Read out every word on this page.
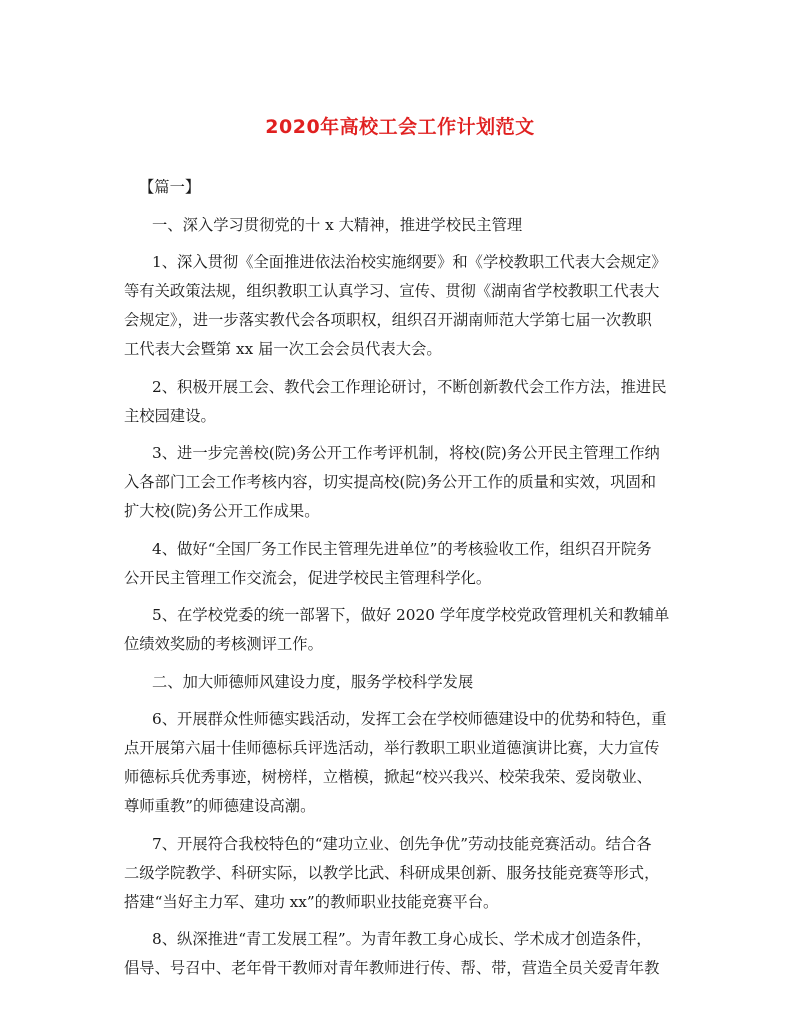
2020年高校工会工作计划范文
【篇一】
一、深入学习贯彻党的十 x 大精神，推进学校民主管理
1、深入贯彻《全面推进依法治校实施纲要》和《学校教职工代表大会规定》
等有关政策法规，组织教职工认真学习、宣传、贯彻《湖南省学校教职工代表大
会规定》，进一步落实教代会各项职权，组织召开湖南师范大学第七届一次教职
工代表大会暨第 xx 届一次工会会员代表大会。
2、积极开展工会、教代会工作理论研讨，不断创新教代会工作方法，推进民
主校园建设。
3、进一步完善校(院)务公开工作考评机制，将校(院)务公开民主管理工作纳
入各部门工会工作考核内容，切实提高校(院)务公开工作的质量和实效，巩固和
扩大校(院)务公开工作成果。
4、做好“全国厂务工作民主管理先进单位”的考核验收工作，组织召开院务
公开民主管理工作交流会，促进学校民主管理科学化。
5、在学校党委的统一部署下，做好 2020 学年度学校党政管理机关和教辅单
位绩效奖励的考核测评工作。
二、加大师德师风建设力度，服务学校科学发展
6、开展群众性师德实践活动，发挥工会在学校师德建设中的优势和特色，重
点开展第六届十佳师德标兵评选活动，举行教职工职业道德演讲比赛，大力宣传
师德标兵优秀事迹，树榜样，立楷模，掀起“校兴我兴、校荣我荣、爱岗敬业、
尊师重教”的师德建设高潮。
7、开展符合我校特色的“建功立业、创先争优”劳动技能竞赛活动。结合各
二级学院教学、科研实际，以教学比武、科研成果创新、服务技能竞赛等形式，
搭建“当好主力军、建功 xx”的教师职业技能竞赛平台。
8、纵深推进“青工发展工程”。为青年教工身心成长、学术成才创造条件，
倡导、号召中、老年骨干教师对青年教师进行传、帮、带，营造全员关爱青年教
